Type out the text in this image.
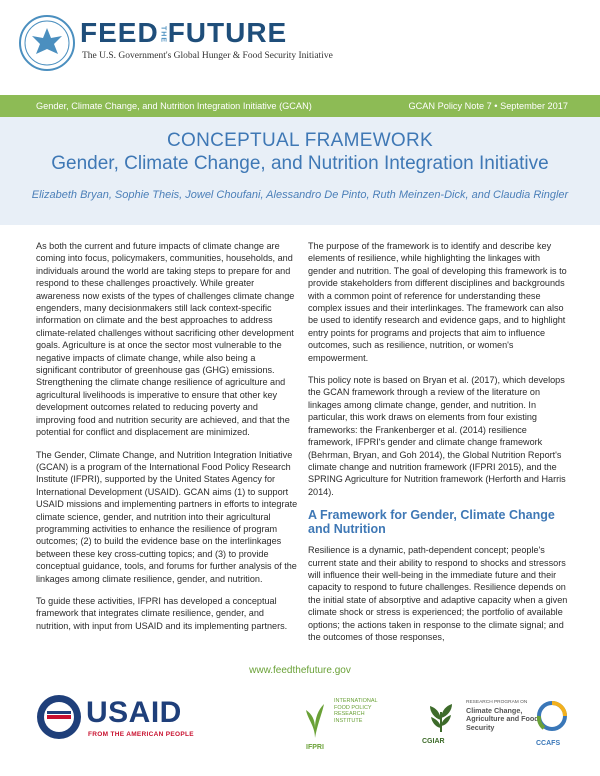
FEEDTHEFUTURE
The U.S. Government's Global Hunger & Food Security Initiative
Gender, Climate Change, and Nutrition Integration Initiative (GCAN)	GCAN Policy Note 7 • September 2017
CONCEPTUAL FRAMEWORK
Gender, Climate Change, and Nutrition Integration Initiative
Elizabeth Bryan, Sophie Theis, Jowel Choufani, Alessandro De Pinto, Ruth Meinzen-Dick, and Claudia Ringler

As both the current and future impacts of climate change are coming into focus, policymakers, communities, households, and individuals around the world are taking steps to prepare for and respond to these challenges proactively. While greater awareness now exists of the types of challenges climate change engenders, many decisionmakers still lack context-specific information on climate and the best approaches to address climate-related challenges without sacrificing other development goals. Agriculture is at once the sector most vulnerable to the negative impacts of climate change, while also being a significant contributor of greenhouse gas (GHG) emissions. Strengthening the climate change resilience of agriculture and agricultural livelihoods is imperative to ensure that other key development outcomes related to reducing poverty and improving food and nutrition security are achieved, and that the potential for conflict and displacement are minimized.

The Gender, Climate Change, and Nutrition Integration Initiative (GCAN) is a program of the International Food Policy Research Institute (IFPRI), supported by the United States Agency for International Development (USAID). GCAN aims (1) to support USAID missions and implementing partners in efforts to integrate climate science, gender, and nutrition into their agricultural programming activities to enhance the resilience of program outcomes; (2) to build the evidence base on the interlinkages between these key cross-cutting topics; and (3) to provide conceptual guidance, tools, and forums for further analysis of the linkages among climate resilience, gender, and nutrition.

To guide these activities, IFPRI has developed a conceptual framework that integrates climate resilience, gender, and nutrition, with input from USAID and its implementing partners.

The purpose of the framework is to identify and describe key elements of resilience, while highlighting the linkages with gender and nutrition. The goal of developing this framework is to provide stakeholders from different disciplines and backgrounds with a common point of reference for understanding these complex issues and their interlinkages. The framework can also be used to identify research and evidence gaps, and to highlight entry points for programs and projects that aim to influence outcomes, such as resilience, nutrition, or women's empowerment.

This policy note is based on Bryan et al. (2017), which develops the GCAN framework through a review of the literature on linkages among climate change, gender, and nutrition. In particular, this work draws on elements from four existing frameworks: the Frankenberger et al. (2014) resilience framework, IFPRI's gender and climate change framework (Behrman, Bryan, and Goh 2014), the Global Nutrition Report's climate change and nutrition framework (IFPRI 2015), and the SPRING Agriculture for Nutrition framework (Herforth and Harris 2014).

A Framework for Gender, Climate Change and Nutrition

Resilience is a dynamic, path-dependent concept; people's current state and their ability to respond to shocks and stressors will influence their well-being in the immediate future and their capacity to respond to future challenges. Resilience depends on the initial state of absorptive and adaptive capacity when a given climate shock or stress is experienced; the portfolio of available options; the actions taken in response to the climate signal; and the outcomes of those responses,

www.feedthefuture.gov
USAID
FROM THE AMERICAN PEOPLE
INTERNATIONAL FOOD POLICY RESEARCH INSTITUTE
IFPRI
CGIAR
RESEARCH PROGRAM ON
Climate Change, Agriculture and Food Security
CCAFS
